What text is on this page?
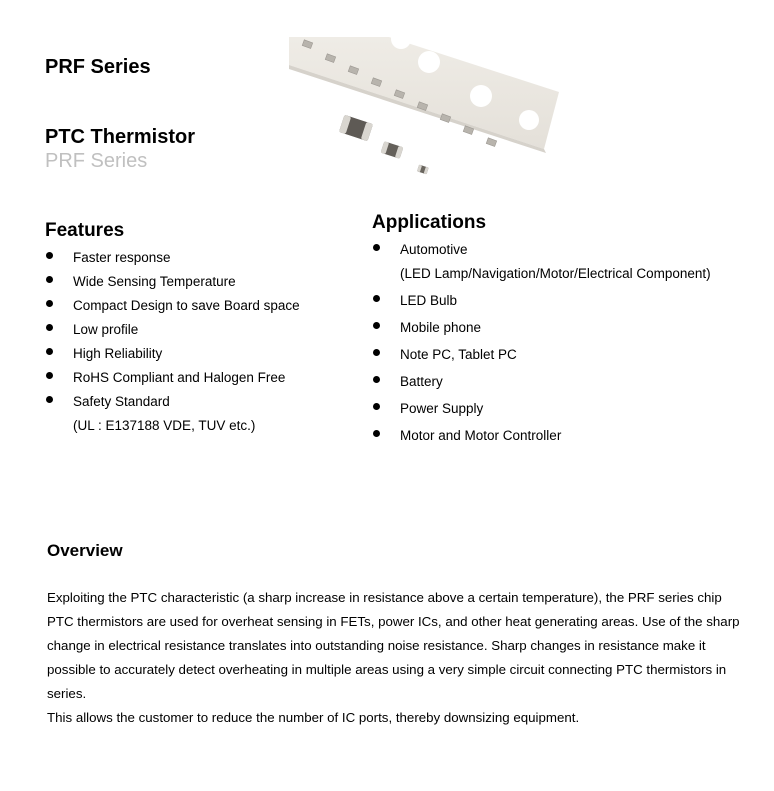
PRF Series
PTC Thermistor
PRF Series
Features
Faster response
Wide Sensing Temperature
Compact Design to save Board space
Low profile
High Reliability
RoHS Compliant and Halogen Free
Safety Standard
(UL : E137188 VDE, TUV etc.)
Applications
Automotive
(LED Lamp/Navigation/Motor/Electrical Component)
LED Bulb
Mobile phone
Note PC, Tablet PC
Battery
Power Supply
Motor and Motor Controller
Overview

Exploiting the PTC characteristic (a sharp increase in resistance above a certain temperature), the PRF series chip PTC thermistors are used for overheat sensing in FETs, power ICs, and other heat generating areas. Use of the sharp change in electrical resistance translates into outstanding noise resistance. Sharp changes in resistance make it possible to accurately detect overheating in multiple areas using a very simple circuit connecting PTC thermistors in series.

This allows the customer to reduce the number of IC ports, thereby downsizing equipment.
